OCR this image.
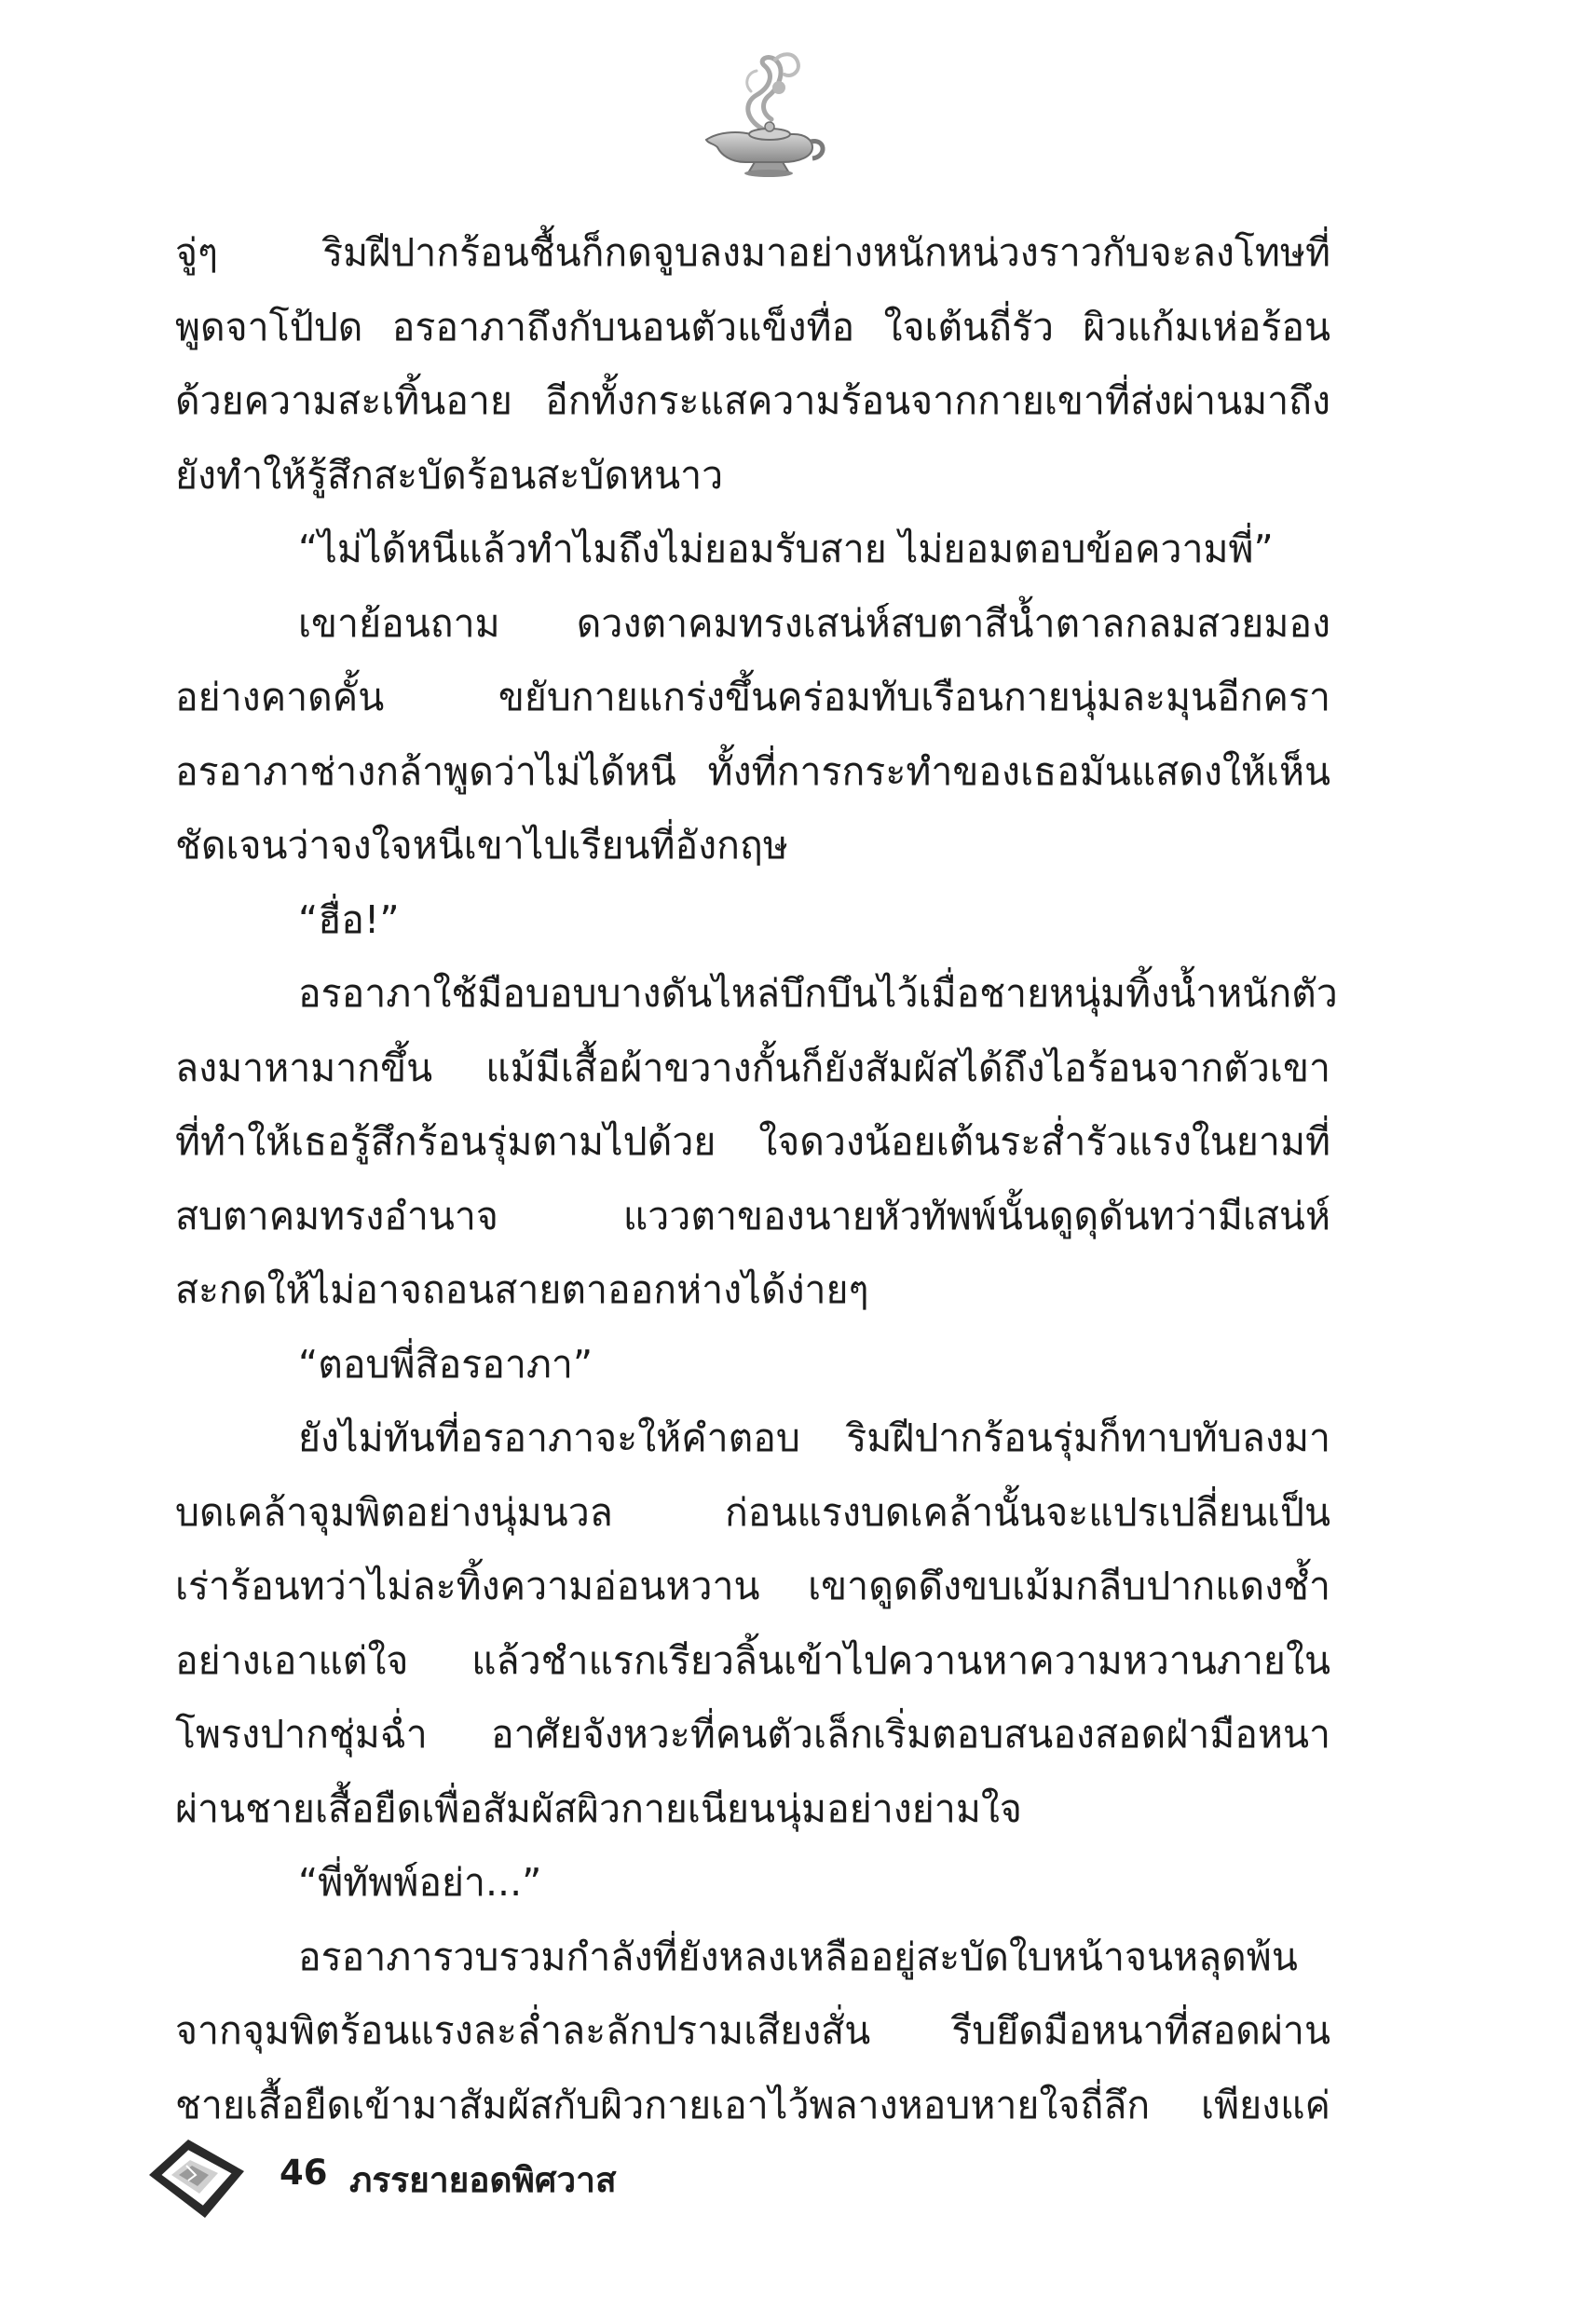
จู่ๆ ริมฝีปากร้อนชื้นก็กดจูบลงมาอย่างหนักหน่วงราวกับจะลงโทษที่
พูดจาโป้ปด อรอาภาถึงกับนอนตัวแข็งทื่อ ใจเต้นถี่รัว ผิวแก้มเห่อร้อน
ด้วยความสะเทิ้นอาย อีกทั้งกระแสความร้อนจากกายเขาที่ส่งผ่านมาถึง
ยังทำให้รู้สึกสะบัดร้อนสะบัดหนาว
“ไม่ได้หนีแล้วทำไมถึงไม่ยอมรับสาย ไม่ยอมตอบข้อความพี่”
เขาย้อนถาม ดวงตาคมทรงเสน่ห์สบตาสีน้ำตาลกลมสวยมอง
อย่างคาดคั้น ขยับกายแกร่งขึ้นคร่อมทับเรือนกายนุ่มละมุนอีกครา
อรอาภาช่างกล้าพูดว่าไม่ได้หนี ทั้งที่การกระทำของเธอมันแสดงให้เห็น
ชัดเจนว่าจงใจหนีเขาไปเรียนที่อังกฤษ
“ฮื่อ!”
อรอาภาใช้มือบอบบางดันไหล่บึกบึนไว้เมื่อชายหนุ่มทิ้งน้ำหนักตัว
ลงมาหามากขึ้น แม้มีเสื้อผ้าขวางกั้นก็ยังสัมผัสได้ถึงไอร้อนจากตัวเขา
ที่ทำให้เธอรู้สึกร้อนรุ่มตามไปด้วย ใจดวงน้อยเต้นระส่ำรัวแรงในยามที่
สบตาคมทรงอำนาจ แววตาของนายหัวทัพพ์นั้นดูดุดันทว่ามีเสน่ห์
สะกดให้ไม่อาจถอนสายตาออกห่างได้ง่ายๆ
“ตอบพี่สิอรอาภา”
ยังไม่ทันที่อรอาภาจะให้คำตอบ ริมฝีปากร้อนรุ่มก็ทาบทับลงมา
บดเคล้าจุมพิตอย่างนุ่มนวล ก่อนแรงบดเคล้านั้นจะแปรเปลี่ยนเป็น
เร่าร้อนทว่าไม่ละทิ้งความอ่อนหวาน เขาดูดดึงขบเม้มกลีบปากแดงช้ำ
อย่างเอาแต่ใจ แล้วชำแรกเรียวลิ้นเข้าไปควานหาความหวานภายใน
โพรงปากชุ่มฉ่ำ อาศัยจังหวะที่คนตัวเล็กเริ่มตอบสนองสอดฝ่ามือหนา
ผ่านชายเสื้อยืดเพื่อสัมผัสผิวกายเนียนนุ่มอย่างย่ามใจ
“พี่ทัพพ์อย่า...”
อรอาภารวบรวมกำลังที่ยังหลงเหลืออยู่สะบัดใบหน้าจนหลุดพ้น
จากจุมพิตร้อนแรงละล่ำละลักปรามเสียงสั่น รีบยึดมือหนาที่สอดผ่าน
ชายเสื้อยืดเข้ามาสัมผัสกับผิวกายเอาไว้พลางหอบหายใจถี่ลึก เพียงแค่
46 ภรรยายอดพิศวาส
